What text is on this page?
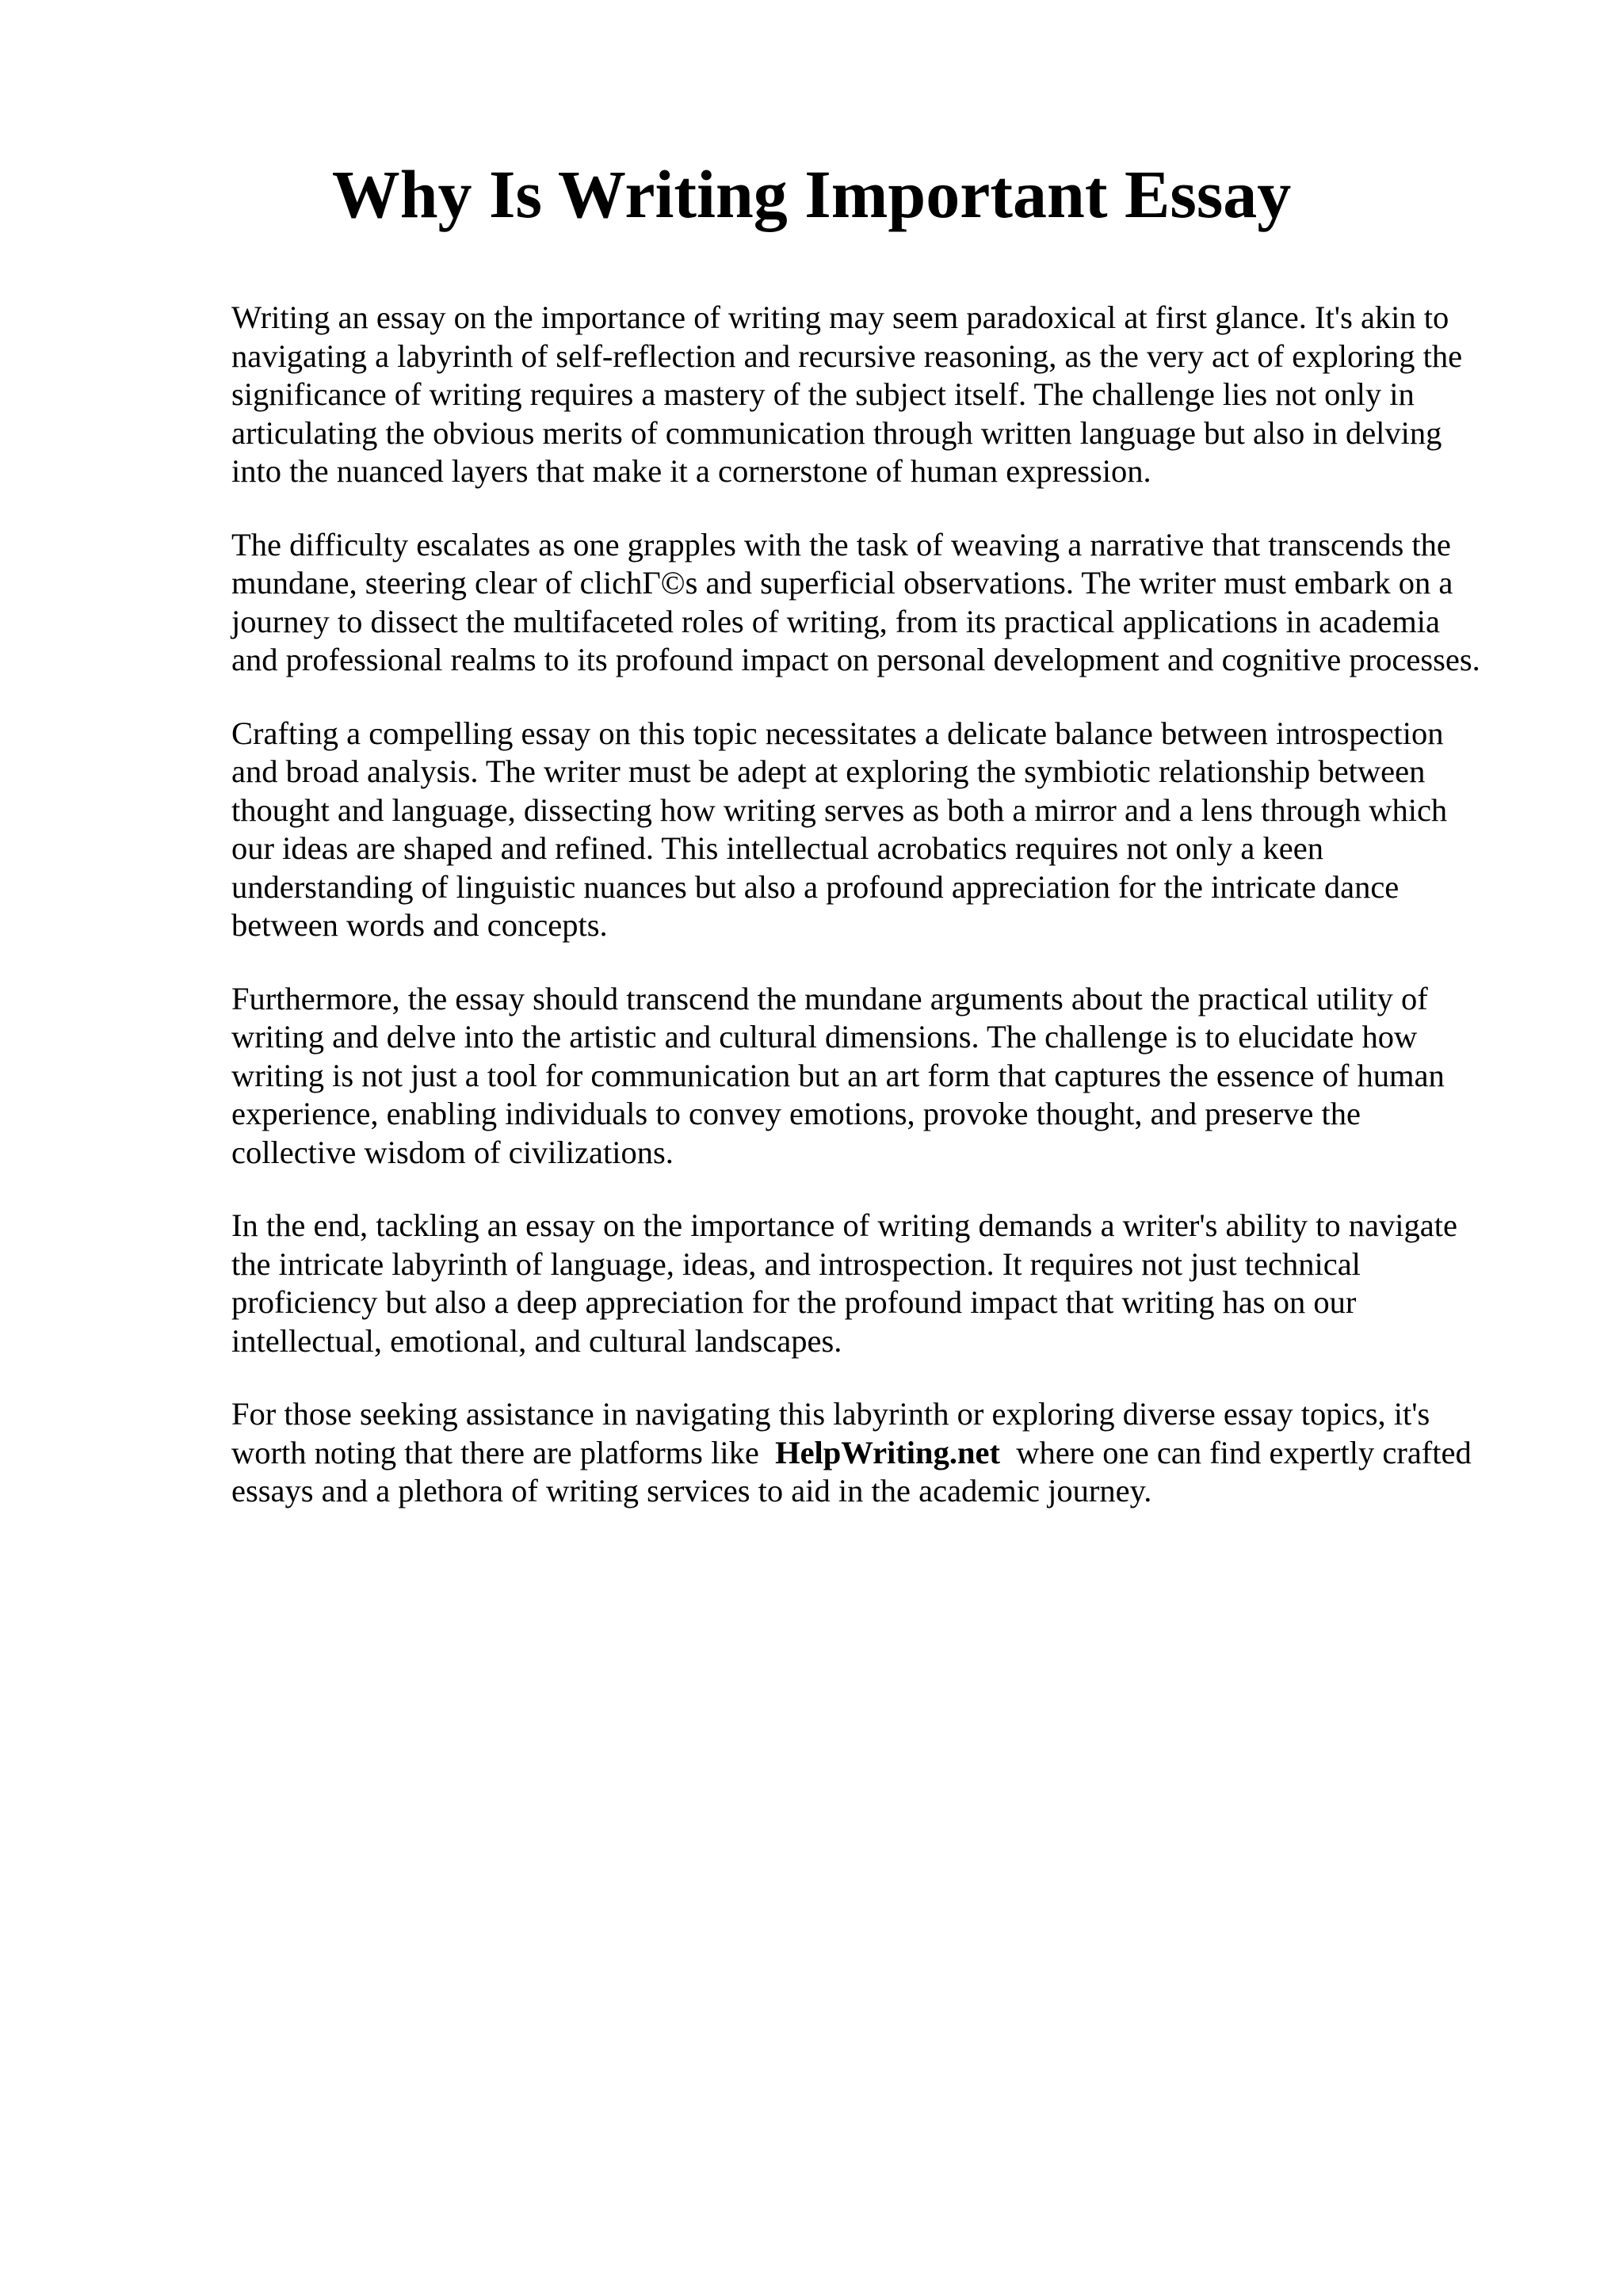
Why Is Writing Important Essay

Writing an essay on the importance of writing may seem paradoxical at first glance. It's akin to
navigating a labyrinth of self-reflection and recursive reasoning, as the very act of exploring the
significance of writing requires a mastery of the subject itself. The challenge lies not only in
articulating the obvious merits of communication through written language but also in delving
into the nuanced layers that make it a cornerstone of human expression.

The difficulty escalates as one grapples with the task of weaving a narrative that transcends the
mundane, steering clear of clichΓ©s and superficial observations. The writer must embark on a
journey to dissect the multifaceted roles of writing, from its practical applications in academia
and professional realms to its profound impact on personal development and cognitive processes.

Crafting a compelling essay on this topic necessitates a delicate balance between introspection
and broad analysis. The writer must be adept at exploring the symbiotic relationship between
thought and language, dissecting how writing serves as both a mirror and a lens through which
our ideas are shaped and refined. This intellectual acrobatics requires not only a keen
understanding of linguistic nuances but also a profound appreciation for the intricate dance
between words and concepts.

Furthermore, the essay should transcend the mundane arguments about the practical utility of
writing and delve into the artistic and cultural dimensions. The challenge is to elucidate how
writing is not just a tool for communication but an art form that captures the essence of human
experience, enabling individuals to convey emotions, provoke thought, and preserve the
collective wisdom of civilizations.

In the end, tackling an essay on the importance of writing demands a writer's ability to navigate
the intricate labyrinth of language, ideas, and introspection. It requires not just technical
proficiency but also a deep appreciation for the profound impact that writing has on our
intellectual, emotional, and cultural landscapes.

For those seeking assistance in navigating this labyrinth or exploring diverse essay topics, it's
worth noting that there are platforms like HelpWriting.net where one can find expertly crafted
essays and a plethora of writing services to aid in the academic journey.
